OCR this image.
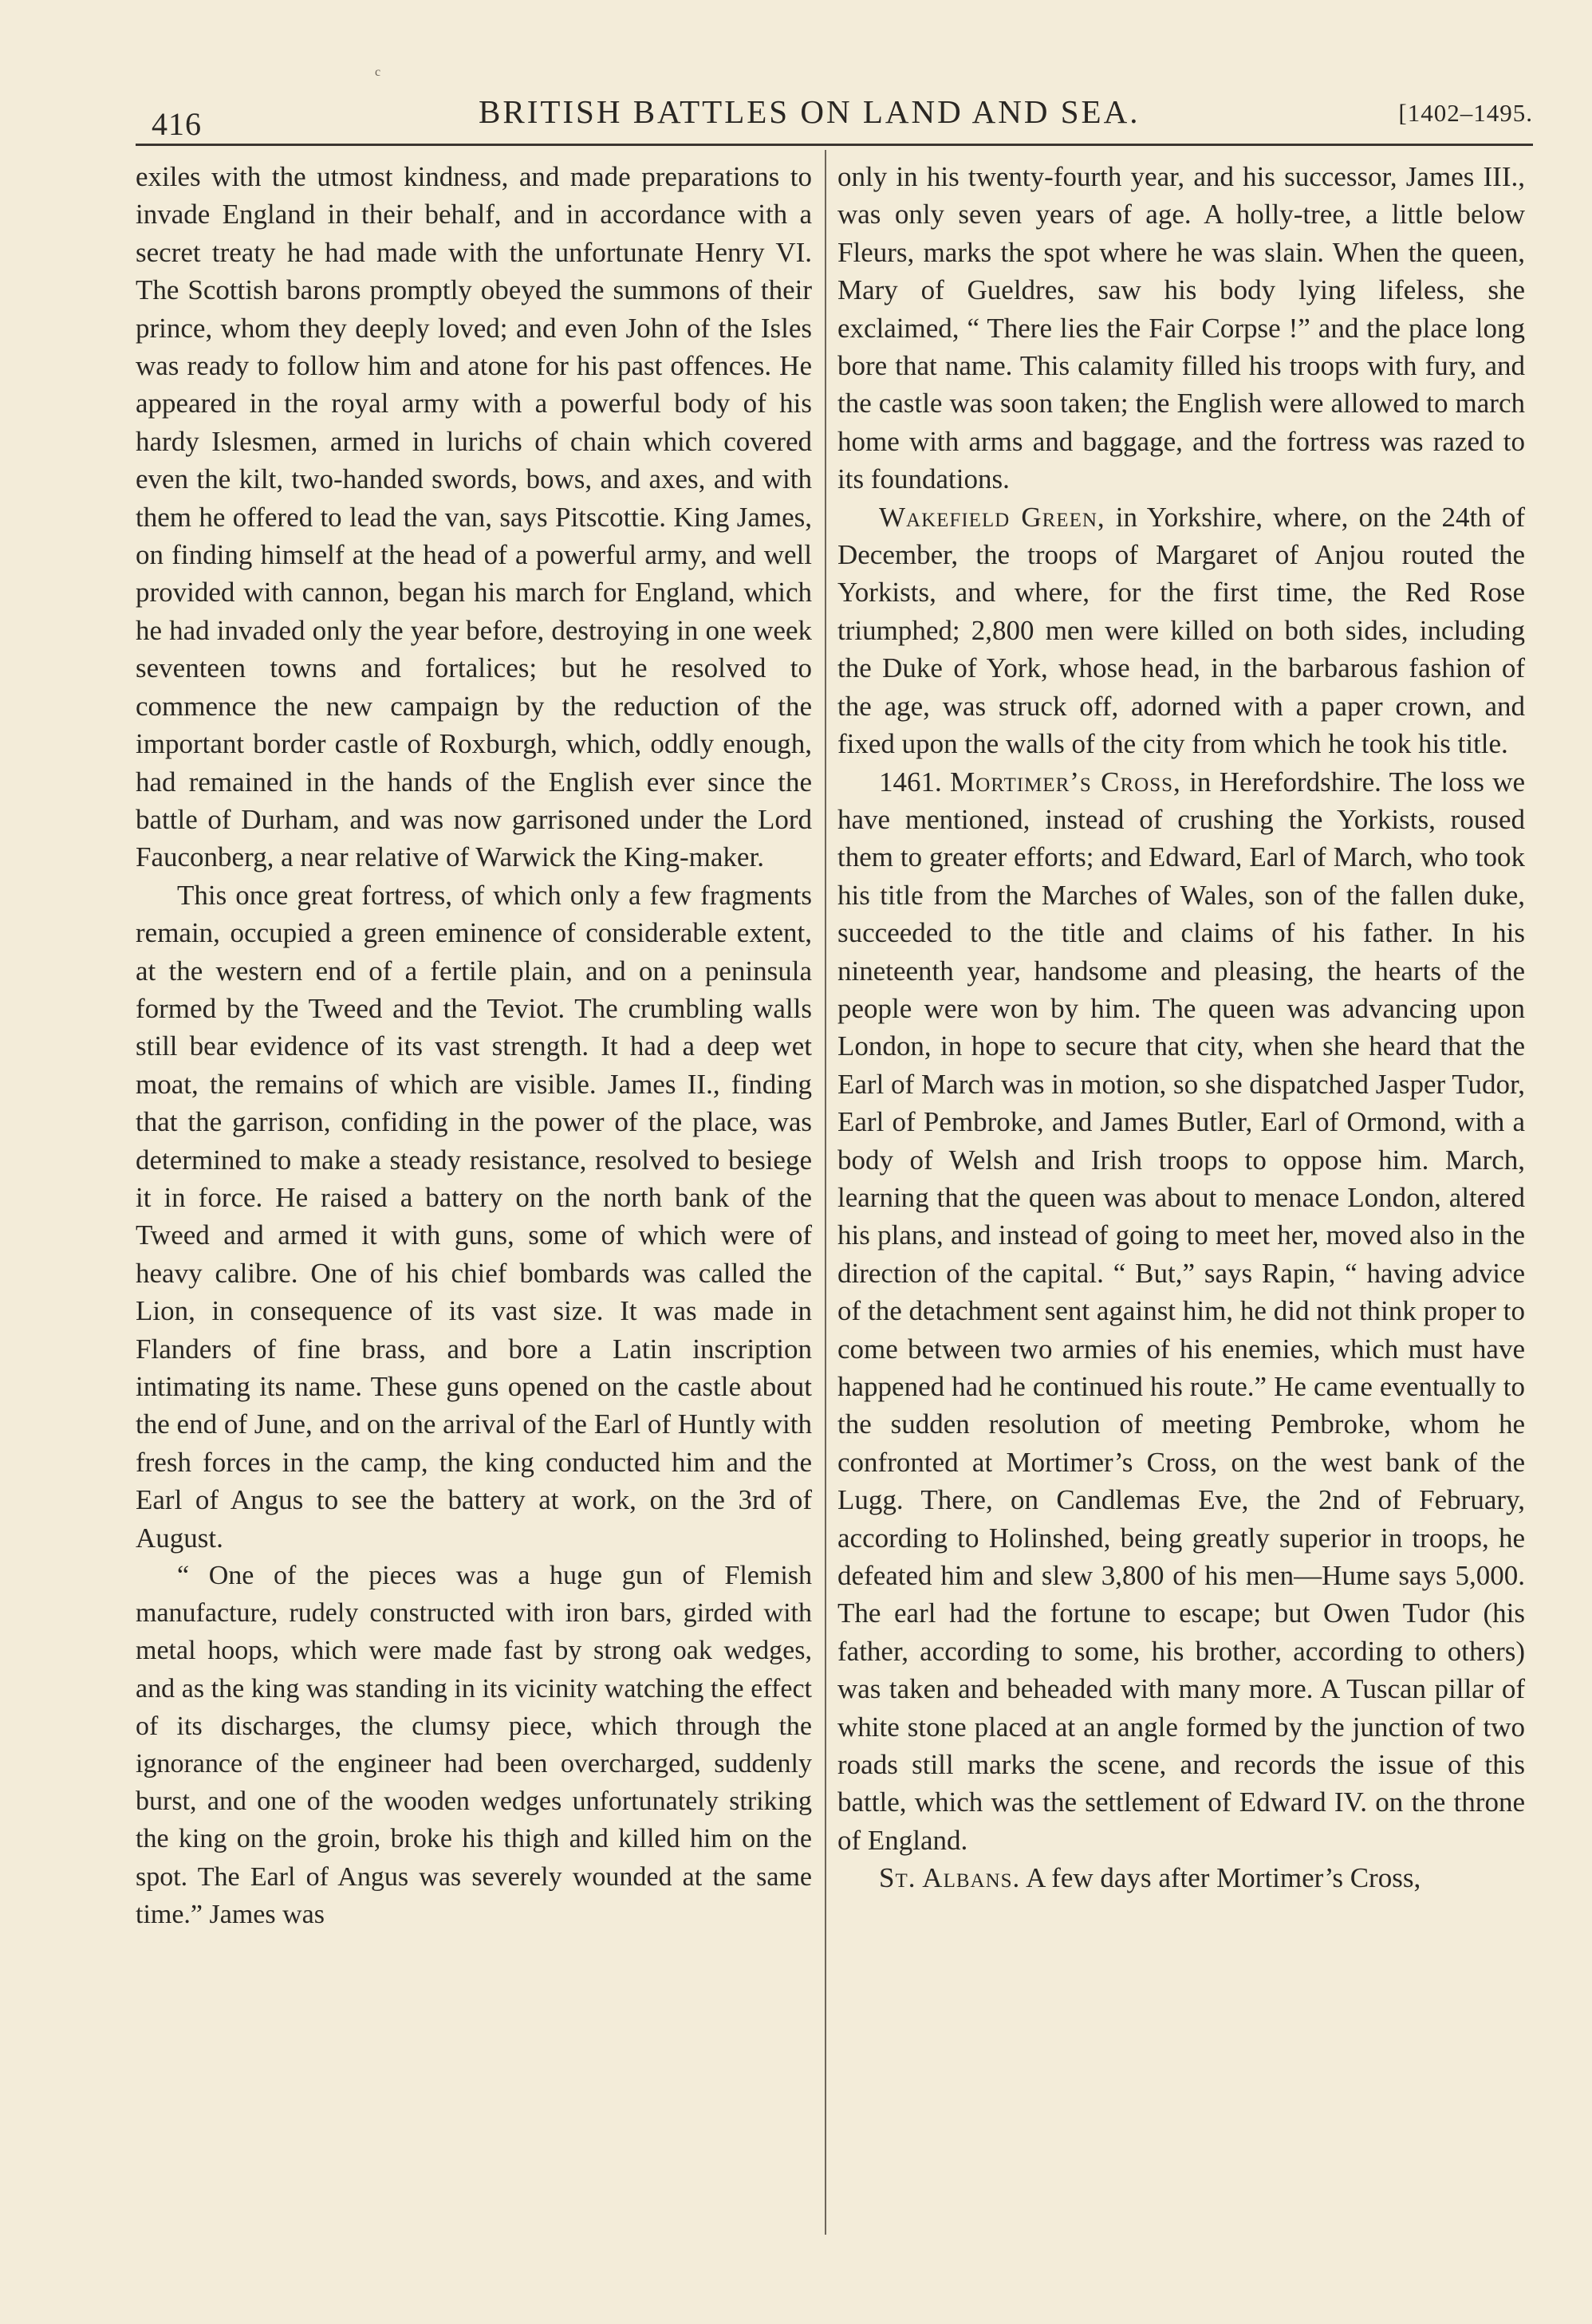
c
416	BRITISH BATTLES ON LAND AND SEA.	[1402–1495.

exiles with the utmost kindness, and made preparations to invade England in their behalf, and in accordance with a secret treaty he had made with the unfortunate Henry VI. The Scottish barons promptly obeyed the summons of their prince, whom they deeply loved; and even John of the Isles was ready to follow him and atone for his past offences. He appeared in the royal army with a powerful body of his hardy Islesmen, armed in lurichs of chain which covered even the kilt, two-handed swords, bows, and axes, and with them he offered to lead the van, says Pitscottie. King James, on finding himself at the head of a powerful army, and well provided with cannon, began his march for England, which he had invaded only the year before, destroying in one week seventeen towns and fortalices; but he resolved to commence the new campaign by the reduction of the important border castle of Roxburgh, which, oddly enough, had remained in the hands of the English ever since the battle of Durham, and was now garrisoned under the Lord Fauconberg, a near relative of Warwick the King-maker.

This once great fortress, of which only a few fragments remain, occupied a green eminence of considerable extent, at the western end of a fertile plain, and on a peninsula formed by the Tweed and the Teviot. The crumbling walls still bear evidence of its vast strength. It had a deep wet moat, the remains of which are visible. James II., finding that the garrison, confiding in the power of the place, was determined to make a steady resistance, resolved to besiege it in force. He raised a battery on the north bank of the Tweed and armed it with guns, some of which were of heavy calibre. One of his chief bombards was called the Lion, in consequence of its vast size. It was made in Flanders of fine brass, and bore a Latin inscription intimating its name. These guns opened on the castle about the end of June, and on the arrival of the Earl of Huntly with fresh forces in the camp, the king conducted him and the Earl of Angus to see the battery at work, on the 3rd of August.

“ One of the pieces was a huge gun of Flemish manufacture, rudely constructed with iron bars, girded with metal hoops, which were made fast by strong oak wedges, and as the king was standing in its vicinity watching the effect of its discharges, the clumsy piece, which through the ignorance of the engineer had been overcharged, suddenly burst, and one of the wooden wedges unfortunately striking the king on the groin, broke his thigh and killed him on the spot. The Earl of Angus was severely wounded at the same time.” James was

only in his twenty-fourth year, and his successor, James III., was only seven years of age. A holly-tree, a little below Fleurs, marks the spot where he was slain. When the queen, Mary of Gueldres, saw his body lying lifeless, she exclaimed, “ There lies the Fair Corpse !” and the place long bore that name. This calamity filled his troops with fury, and the castle was soon taken; the English were allowed to march home with arms and baggage, and the fortress was razed to its foundations.

Wakefield Green, in Yorkshire, where, on the 24th of December, the troops of Margaret of Anjou routed the Yorkists, and where, for the first time, the Red Rose triumphed; 2,800 men were killed on both sides, including the Duke of York, whose head, in the barbarous fashion of the age, was struck off, adorned with a paper crown, and fixed upon the walls of the city from which he took his title.

1461. Mortimer’s Cross, in Herefordshire. The loss we have mentioned, instead of crushing the Yorkists, roused them to greater efforts; and Edward, Earl of March, who took his title from the Marches of Wales, son of the fallen duke, succeeded to the title and claims of his father. In his nineteenth year, handsome and pleasing, the hearts of the people were won by him. The queen was advancing upon London, in hope to secure that city, when she heard that the Earl of March was in motion, so she dispatched Jasper Tudor, Earl of Pembroke, and James Butler, Earl of Ormond, with a body of Welsh and Irish troops to oppose him. March, learning that the queen was about to menace London, altered his plans, and instead of going to meet her, moved also in the direction of the capital. “ But,” says Rapin, “ having advice of the detachment sent against him, he did not think proper to come between two armies of his enemies, which must have happened had he continued his route.” He came eventually to the sudden resolution of meeting Pembroke, whom he confronted at Mortimer’s Cross, on the west bank of the Lugg. There, on Candlemas Eve, the 2nd of February, according to Holinshed, being greatly superior in troops, he defeated him and slew 3,800 of his men—Hume says 5,000. The earl had the fortune to escape; but Owen Tudor (his father, according to some, his brother, according to others) was taken and beheaded with many more. A Tuscan pillar of white stone placed at an angle formed by the junction of two roads still marks the scene, and records the issue of this battle, which was the settlement of Edward IV. on the throne of England.

St. Albans. A few days after Mortimer’s Cross,
